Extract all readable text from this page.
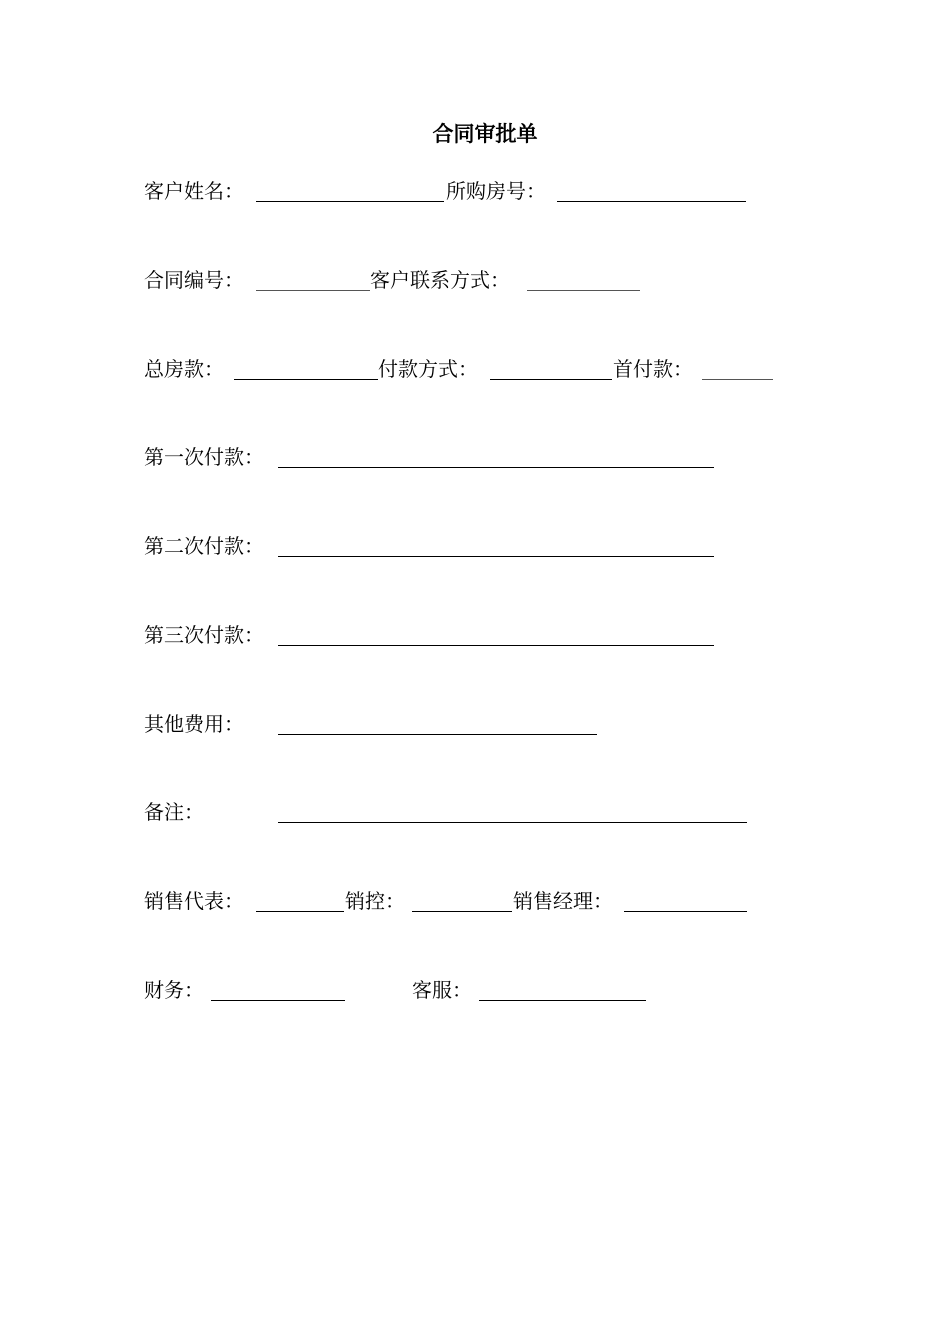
合同审批单
客户姓名：	所购房号：
合同编号：	客户联系方式：
总房款：	付款方式：	首付款：
第一次付款：
第二次付款：
第三次付款：
其他费用：
备注：
销售代表：	销控：	销售经理：
财务：	客服：
